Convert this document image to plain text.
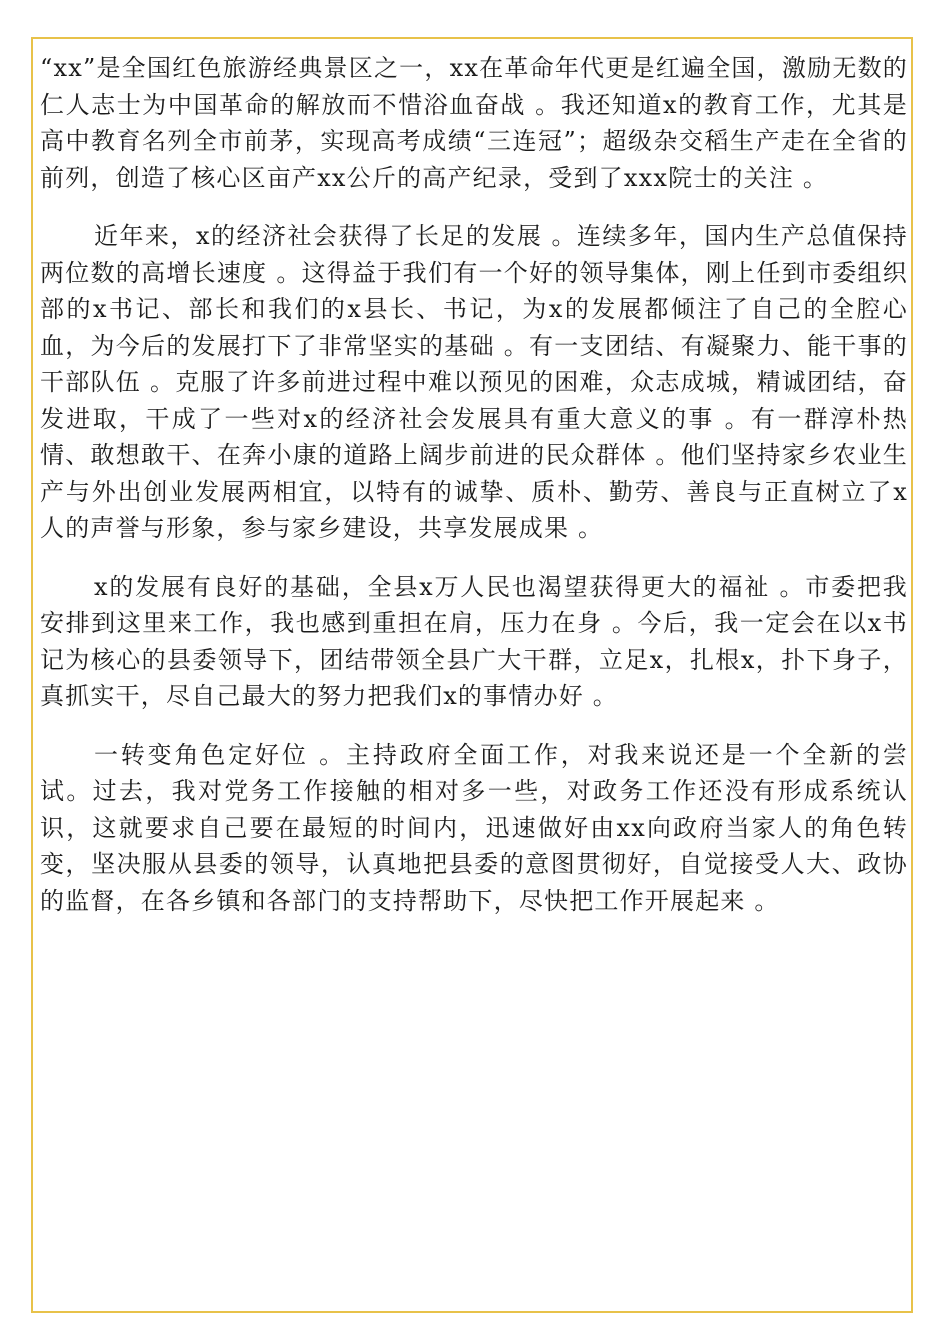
“xx”是全国红色旅游经典景区之一，xx在革命年代更是红遍全国，激励无数的仁人志士为中国革命的解放而不惜浴血奋战 。我还知道x的教育工作，尤其是高中教育名列全市前茅，实现高考成绩“三连冠”；超级杂交稻生产走在全省的前列，创造了核心区亩产xx公斤的高产纪录，受到了xxx院士的关注 。

近年来，x的经济社会获得了长足的发展 。连续多年，国内生产总值保持两位数的高增长速度 。这得益于我们有一个好的领导集体，刚上任到市委组织部的x书记、部长和我们的x县长、书记，为x的发展都倾注了自己的全腔心血，为今后的发展打下了非常坚实的基础 。有一支团结、有凝聚力、能干事的干部队伍 。克服了许多前进过程中难以预见的困难，众志成城，精诚团结，奋发进取，干成了一些对x的经济社会发展具有重大意义的事 。有一群淳朴热情、敢想敢干、在奔小康的道路上阔步前进的民众群体 。他们坚持家乡农业生产与外出创业发展两相宜，以特有的诚挚、质朴、勤劳、善良与正直树立了x人的声誉与形象，参与家乡建设，共享发展成果 。

x的发展有良好的基础，全县x万人民也渴望获得更大的福祉 。市委把我安排到这里来工作，我也感到重担在肩，压力在身 。今后，我一定会在以x书记为核心的县委领导下，团结带领全县广大干群，立足x，扎根x，扑下身子，真抓实干，尽自己最大的努力把我们x的事情办好 。

一转变角色定好位 。主持政府全面工作，对我来说还是一个全新的尝试。过去，我对党务工作接触的相对多一些，对政务工作还没有形成系统认识，这就要求自己要在最短的时间内，迅速做好由xx向政府当家人的角色转变，坚决服从县委的领导，认真地把县委的意图贯彻好，自觉接受人大、政协的监督，在各乡镇和各部门的支持帮助下，尽快把工作开展起来 。
